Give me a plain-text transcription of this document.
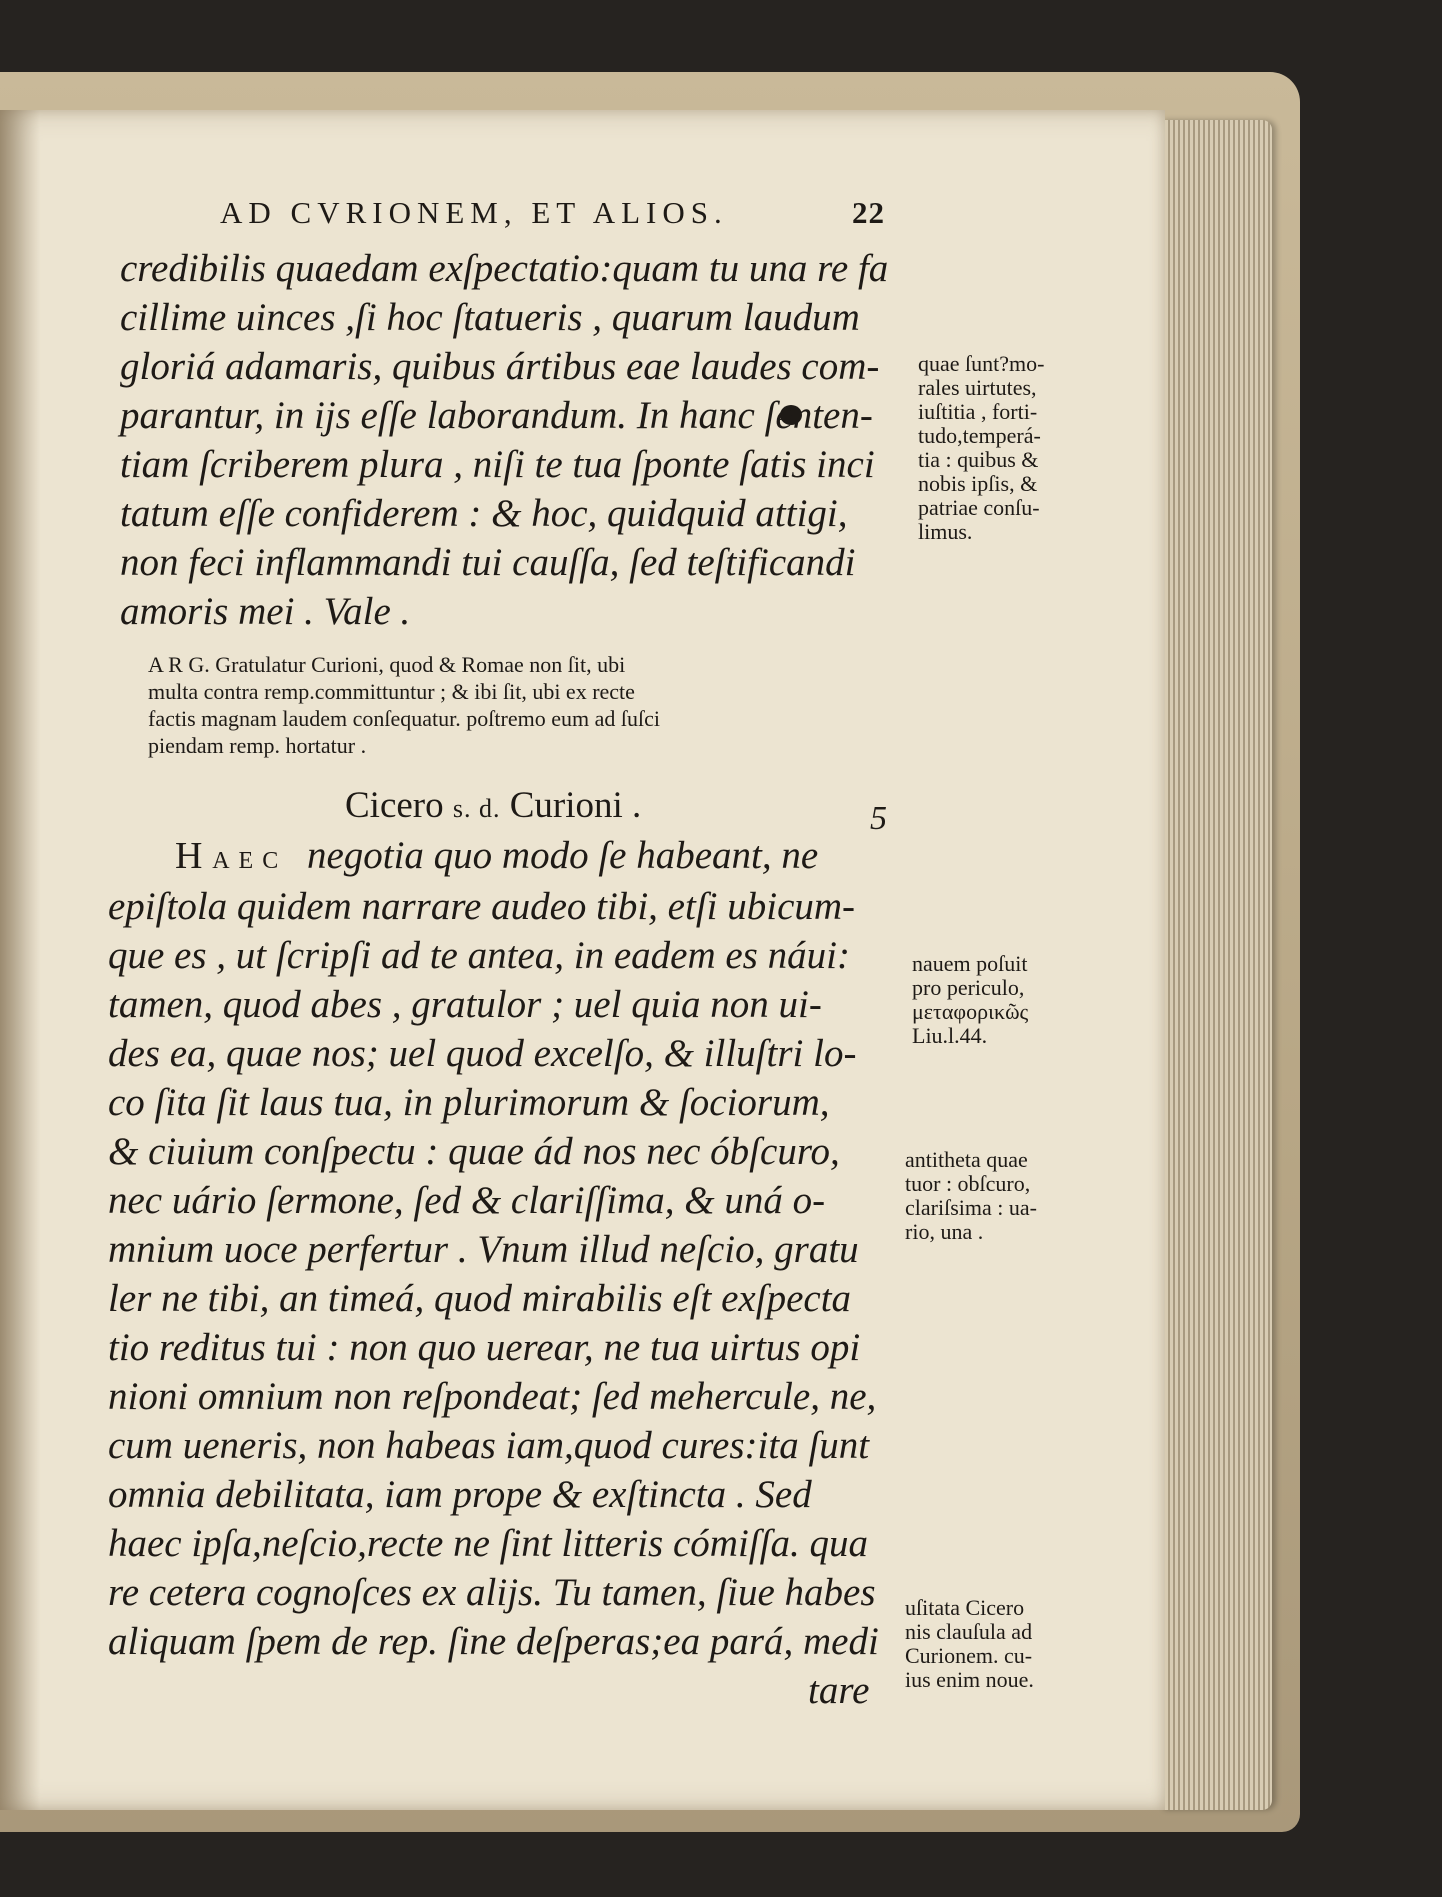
AD CVRIONEM, ET ALIOS.	22
credibilis quaedam exſpectatio:quam tu una re fa
cillime uinces ,ſi hoc ſtatueris , quarum laudum
gloriá adamaris, quibus ártibus eae laudes com-
parantur, in ijs eſſe laborandum. In hanc ſenten-
tiam ſcriberem plura , niſi te tua ſponte ſatis inci
tatum eſſe confiderem : & hoc, quidquid attigi,
non feci inflammandi tui cauſſa, ſed teſtificandi
amoris mei . Vale .
A R G. Gratulatur Curioni, quod & Romae non ſit, ubi
multa contra remp.committuntur ; & ibi ſit, ubi ex recte
factis magnam laudem conſequatur. poſtremo eum ad ſuſci
piendam remp. hortatur .
Cicero s. d. Curioni .	5
H AEC negotia quo modo ſe habeant, ne
epiſtola quidem narrare audeo tibi, etſi ubicum-
que es , ut ſcripſi ad te antea, in eadem es náui:
tamen, quod abes , gratulor ; uel quia non ui-
des ea, quae nos; uel quod excelſo, & illuſtri lo-
co ſita ſit laus tua, in plurimorum & ſociorum,
& ciuium conſpectu : quae ád nos nec óbſcuro,
nec uário ſermone, ſed & clariſſima, & uná o-
mnium uoce perfertur . Vnum illud neſcio, gratu
ler ne tibi, an timeá, quod mirabilis eſt exſpecta
tio reditus tui : non quo uerear, ne tua uirtus opi
nioni omnium non reſpondeat; ſed mehercule, ne,
cum ueneris, non habeas iam,quod cures:ita ſunt
omnia debilitata, iam prope & exſtincta . Sed
haec ipſa,neſcio,recte ne ſint litteris cómiſſa. qua
re cetera cognoſces ex alijs. Tu tamen, ſiue habes
aliquam ſpem de rep. ſine deſperas;ea pará, medi
tare
quae ſunt?mo-
rales uirtutes,
iuſtitia , forti-
tudo,temperá-
tia : quibus &
nobis ipſis, &
patriae conſu-
limus.
nauem poſuit
pro periculo,
μεταφορικῶς
Liu.l.44.
antitheta quae
tuor : obſcuro,
clariſsima : ua-
rio, una .
uſitata Cicero
nis clauſula ad
Curionem. cu-
ius enim noue.
